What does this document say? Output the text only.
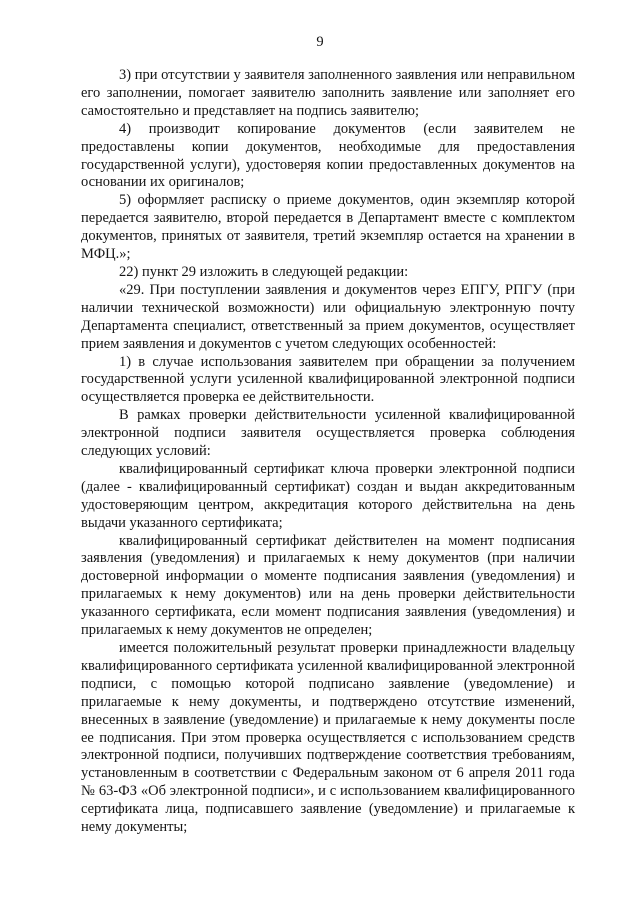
9

3) при отсутствии у заявителя заполненного заявления или неправильном его заполнении, помогает заявителю заполнить заявление или заполняет его самостоятельно и представляет на подпись заявителю;

4) производит копирование документов (если заявителем не предоставлены копии документов, необходимые для предоставления государственной услуги), удостоверяя копии предоставленных документов на основании их оригиналов;

5) оформляет расписку о приеме документов, один экземпляр которой передается заявителю, второй передается в Департамент вместе с комплектом документов, принятых от заявителя, третий экземпляр остается на хранении в МФЦ.»;

22) пункт 29 изложить в следующей редакции:

«29. При поступлении заявления и документов через ЕПГУ, РПГУ (при наличии технической возможности) или официальную электронную почту Департамента специалист, ответственный за прием документов, осуществляет прием заявления и документов с учетом следующих особенностей:

1) в случае использования заявителем при обращении за получением государственной услуги усиленной квалифицированной электронной подписи осуществляется проверка ее действительности.

В рамках проверки действительности усиленной квалифицированной электронной подписи заявителя осуществляется проверка соблюдения следующих условий:

квалифицированный сертификат ключа проверки электронной подписи (далее - квалифицированный сертификат) создан и выдан аккредитованным удостоверяющим центром, аккредитация которого действительна на день выдачи указанного сертификата;

квалифицированный сертификат действителен на момент подписания заявления (уведомления) и прилагаемых к нему документов (при наличии достоверной информации о моменте подписания заявления (уведомления) и прилагаемых к нему документов) или на день проверки действительности указанного сертификата, если момент подписания заявления (уведомления) и прилагаемых к нему документов не определен;

имеется положительный результат проверки принадлежности владельцу квалифицированного сертификата усиленной квалифицированной электронной подписи, с помощью которой подписано заявление (уведомление) и прилагаемые к нему документы, и подтверждено отсутствие изменений, внесенных в заявление (уведомление) и прилагаемые к нему документы после ее подписания. При этом проверка осуществляется с использованием средств электронной подписи, получивших подтверждение соответствия требованиям, установленным в соответствии с Федеральным законом от 6 апреля 2011 года № 63-ФЗ «Об электронной подписи», и с использованием квалифицированного сертификата лица, подписавшего заявление (уведомление) и прилагаемые к нему документы;
